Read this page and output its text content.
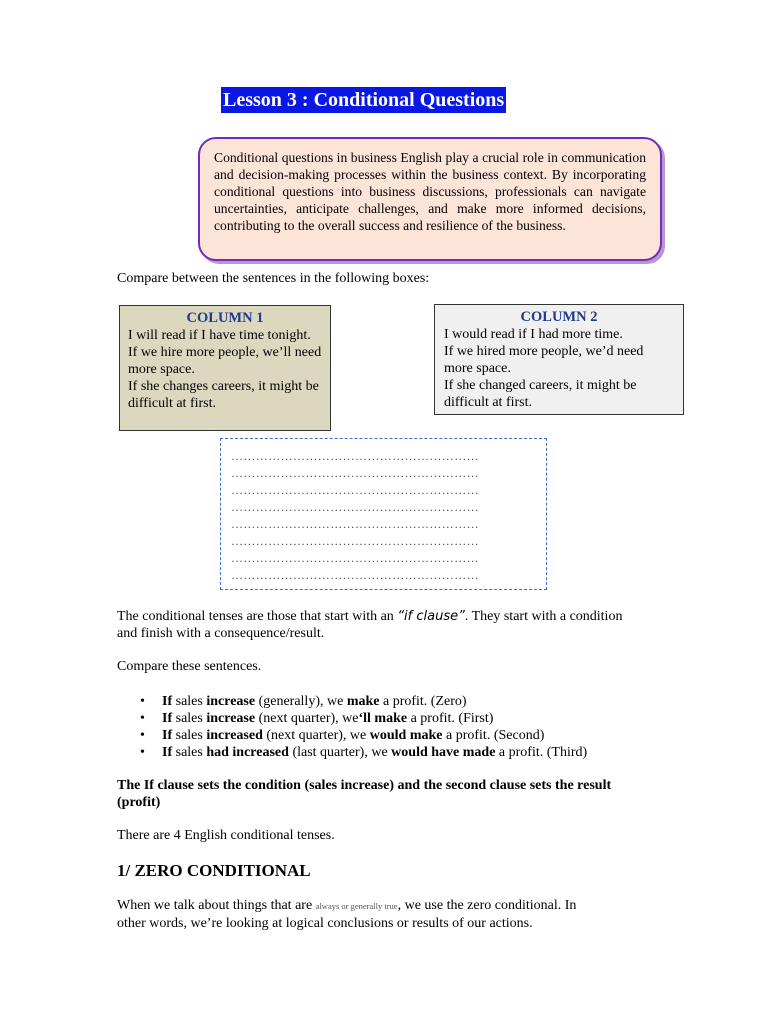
Lesson 3 : Conditional Questions
Conditional questions in business English play a crucial role in communication and decision-making processes within the business context. By incorporating conditional questions into business discussions, professionals can navigate uncertainties, anticipate challenges, and make more informed decisions, contributing to the overall success and resilience of the business.
Compare between the sentences in the following boxes:
COLUMN 1
I will read if I have time tonight.
If we hire more people, we’ll need more space.
If she changes careers, it might be difficult at first.
COLUMN 2
I would read if I had more time.
If we hired more people, we’d need more space.
If she changed careers, it might be difficult at first.
……………………………………………………
……………………………………………………
……………………………………………………
……………………………………………………
……………………………………………………
……………………………………………………
……………………………………………………
……………………………………………………
The conditional tenses are those that start with an “if clause”. They start with a condition and finish with a consequence/result.
Compare these sentences.
• If sales increase (generally), we make a profit. (Zero)
• If sales increase (next quarter), we‘ll make a profit. (First)
• If sales increased (next quarter), we would make a profit. (Second)
• If sales had increased (last quarter), we would have made a profit. (Third)
The If clause sets the condition (sales increase) and the second clause sets the result (profit)
There are 4 English conditional tenses.
1/ ZERO CONDITIONAL
When we talk about things that are always or generally true, we use the zero conditional. In
other words, we’re looking at logical conclusions or results of our actions.
